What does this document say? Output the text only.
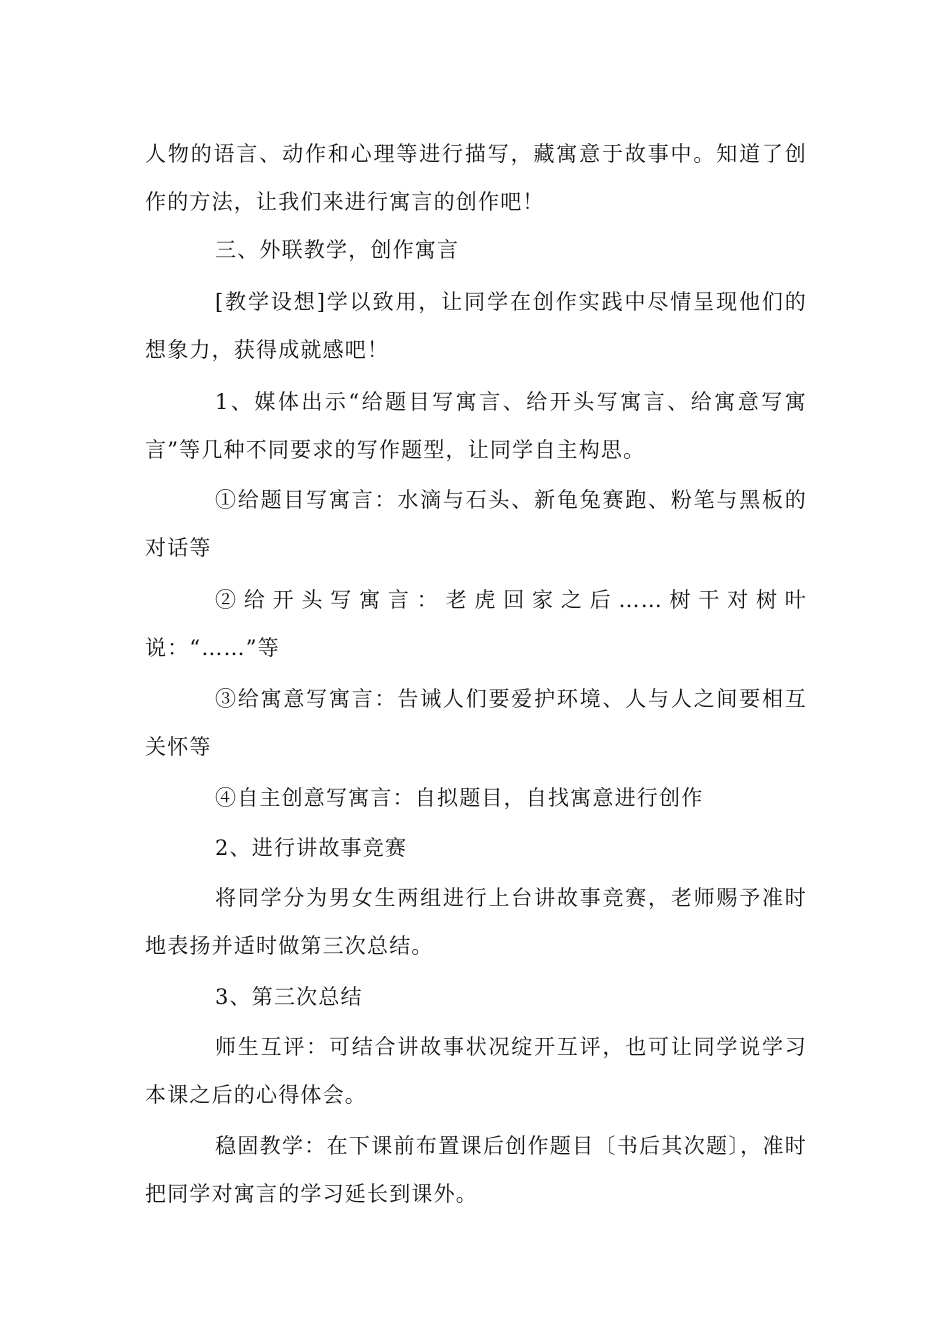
人物的语言、动作和心理等进行描写，藏寓意于故事中。知道了创作的方法，让我们来进行寓言的创作吧！

三、外联教学，创作寓言

[教学设想]学以致用，让同学在创作实践中尽情呈现他们的想象力，获得成就感吧！

1、媒体出示“给题目写寓言、给开头写寓言、给寓意写寓言”等几种不同要求的写作题型，让同学自主构思。

①给题目写寓言：水滴与石头、新龟兔赛跑、粉笔与黑板的对话等

②给开头写寓言：老虎回家之后……树干对树叶说：“……”等

③给寓意写寓言：告诫人们要爱护环境、人与人之间要相互关怀等

④自主创意写寓言：自拟题目，自找寓意进行创作

2、进行讲故事竞赛

将同学分为男女生两组进行上台讲故事竞赛，老师赐予准时地表扬并适时做第三次总结。

3、第三次总结

师生互评：可结合讲故事状况绽开互评，也可让同学说学习本课之后的心得体会。

稳固教学：在下课前布置课后创作题目〔书后其次题〕，准时把同学对寓言的学习延长到课外。
